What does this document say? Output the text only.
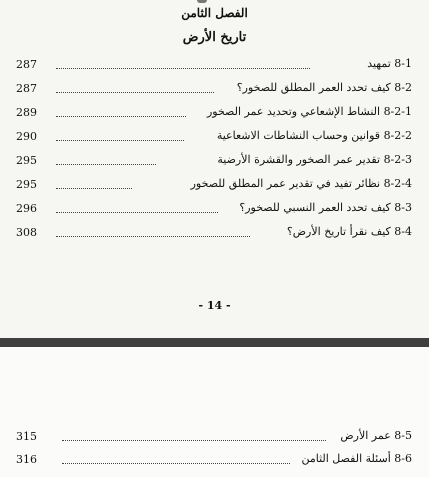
الفصل الثامن
تاريخ الأرض
287	8-1 تمهيد
287	8-2 كيف تحدد العمر المطلق للصخور؟
289	8-2-1 النشاط الإشعاعي وتحديد عمر الصخور
290	8-2-2 قوانين وحساب النشاطات الاشعاعية
295	8-2-3 تقدير عمر الصخور والقشرة الأرضية
295	8-2-4 نظائر تفيد في تقدير عمر المطلق للصخور
296	8-3 كيف تحدد العمر النسبي للصخور؟
308	8-4 كيف نقرأ تاريخ الأرض؟
- 14 -
315	8-5 عمر الأرض
316	8-6 أسئلة الفصل الثامن
